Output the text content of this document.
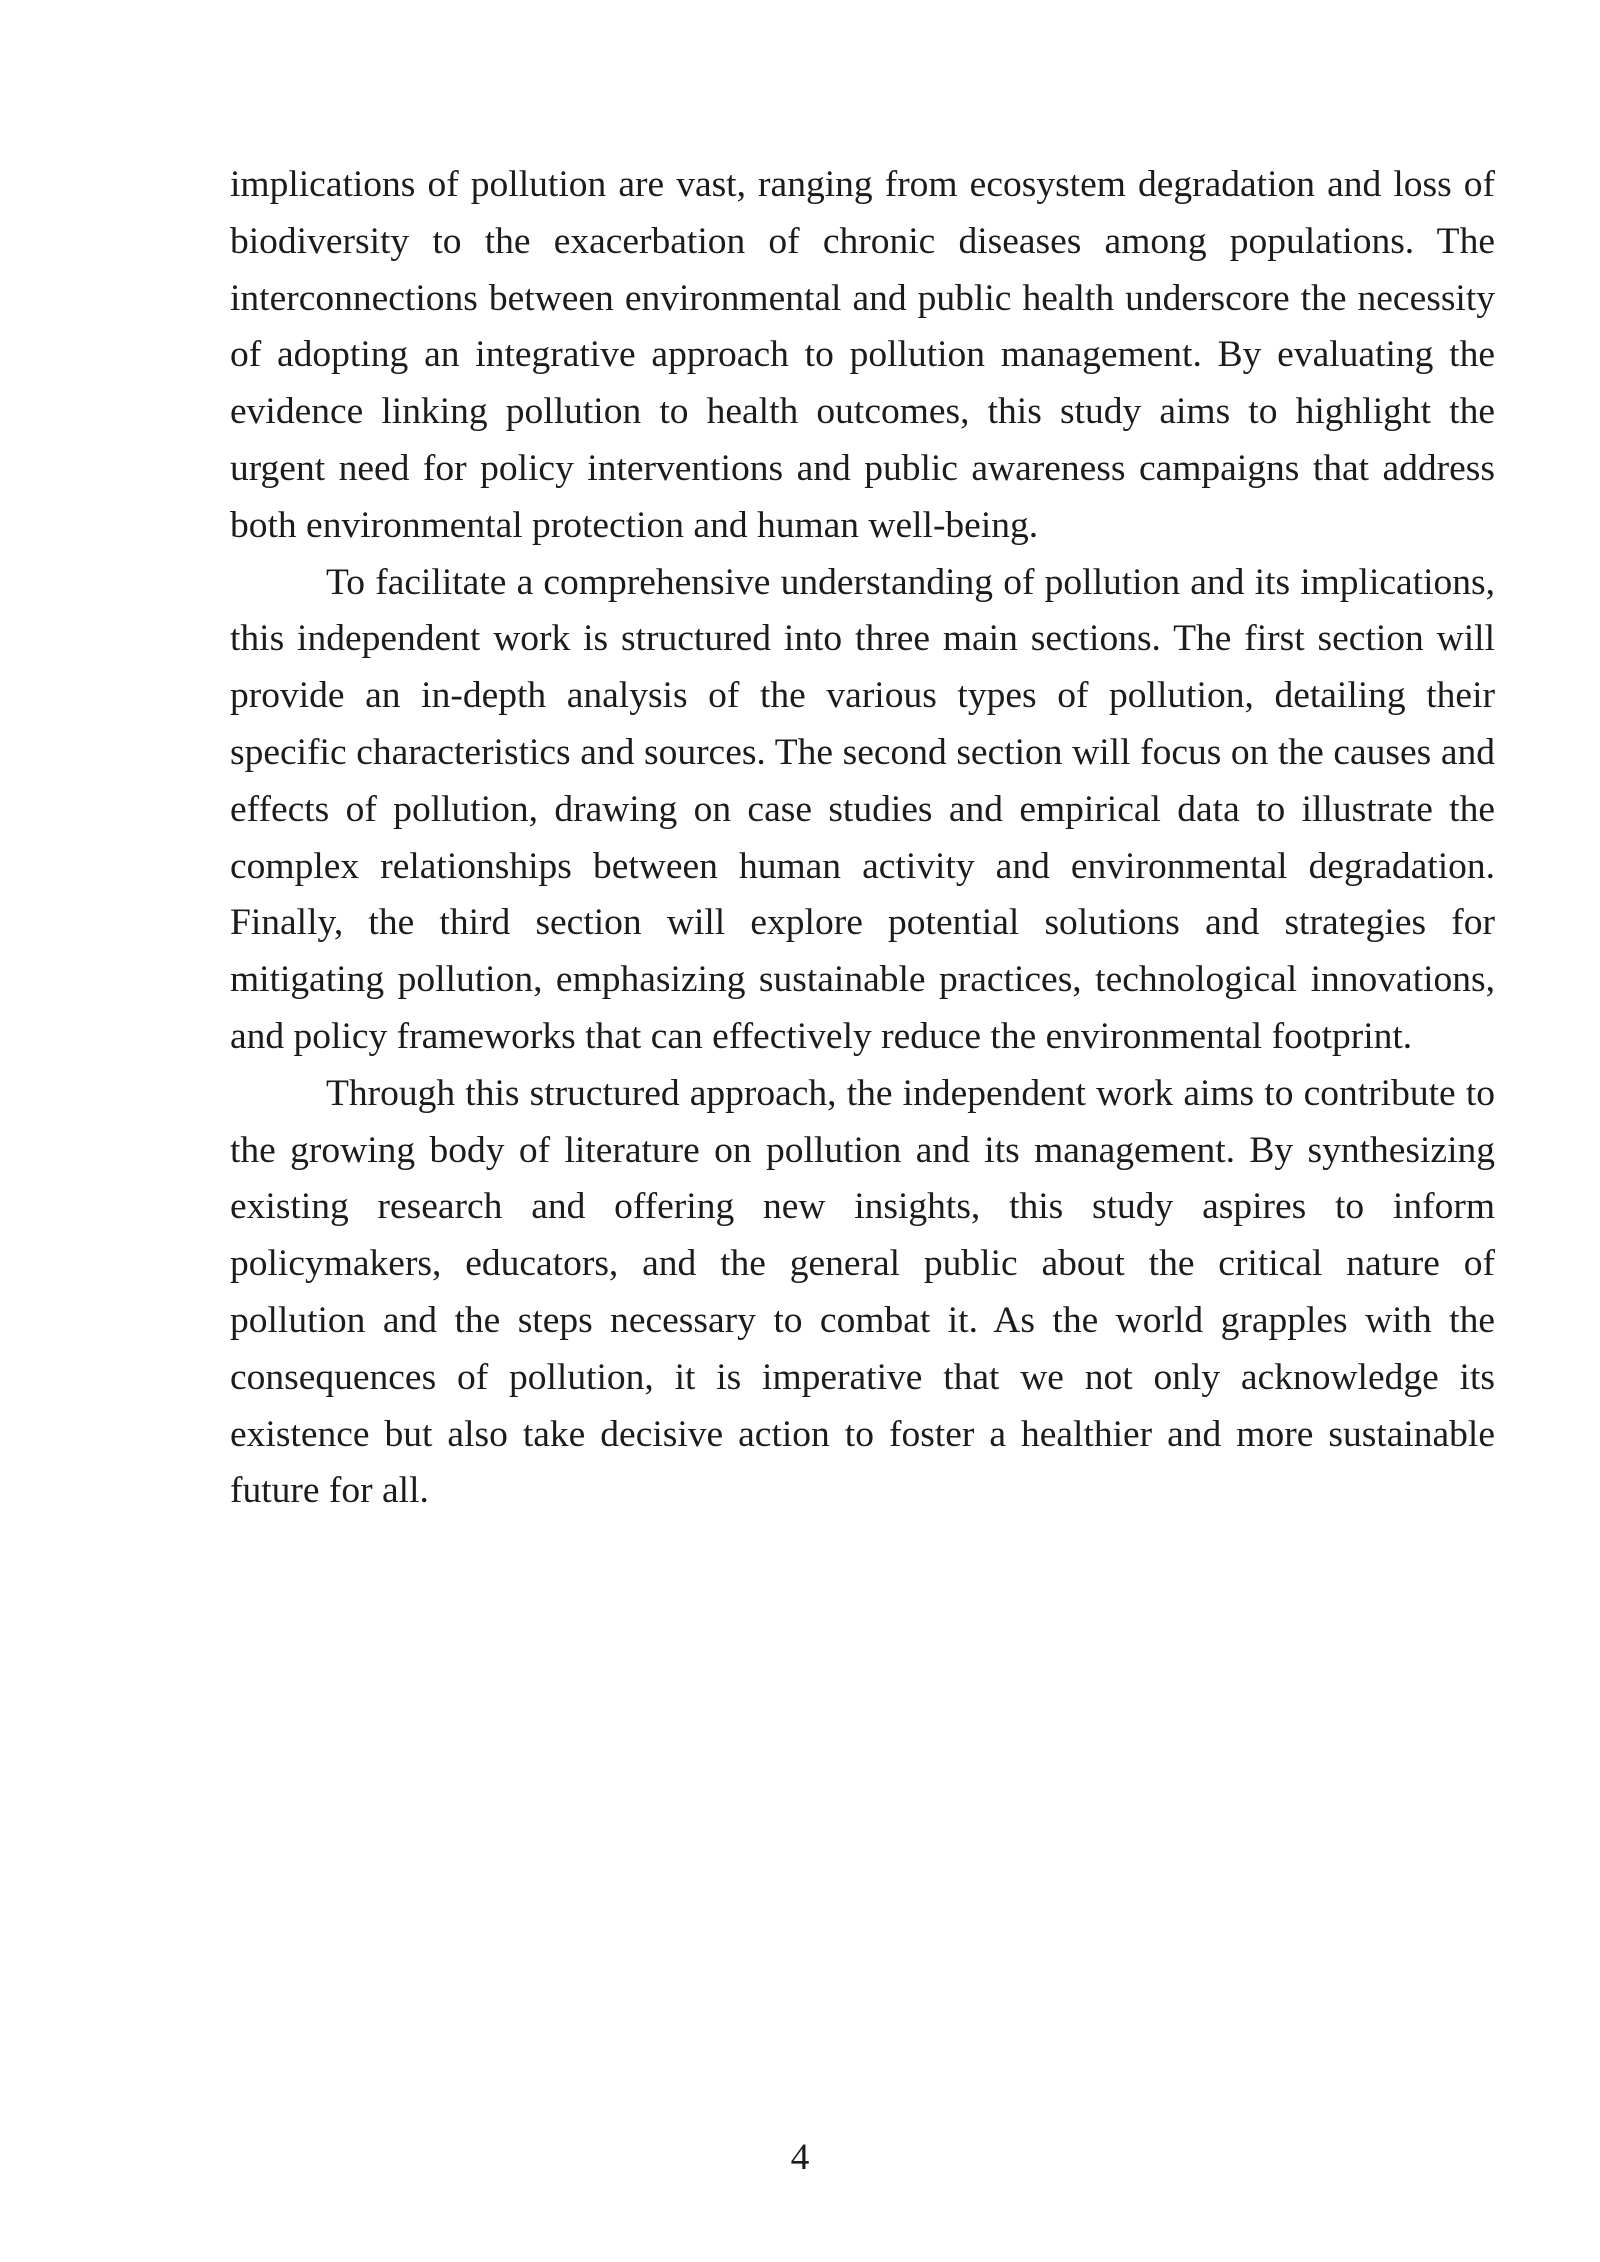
implications of pollution are vast, ranging from ecosystem degradation and loss of biodiversity to the exacerbation of chronic diseases among populations. The interconnections between environmental and public health underscore the necessity of adopting an integrative approach to pollution management. By evaluating the evidence linking pollution to health outcomes, this study aims to highlight the urgent need for policy interventions and public awareness campaigns that address both environmental protection and human well-being.

To facilitate a comprehensive understanding of pollution and its implications, this independent work is structured into three main sections. The first section will provide an in-depth analysis of the various types of pollution, detailing their specific characteristics and sources. The second section will focus on the causes and effects of pollution, drawing on case studies and empirical data to illustrate the complex relationships between human activity and environmental degradation. Finally, the third section will explore potential solutions and strategies for mitigating pollution, emphasizing sustainable practices, technological innovations, and policy frameworks that can effectively reduce the environmental footprint.

Through this structured approach, the independent work aims to contribute to the growing body of literature on pollution and its management. By synthesizing existing research and offering new insights, this study aspires to inform policymakers, educators, and the general public about the critical nature of pollution and the steps necessary to combat it. As the world grapples with the consequences of pollution, it is imperative that we not only acknowledge its existence but also take decisive action to foster a healthier and more sustainable future for all.

4
